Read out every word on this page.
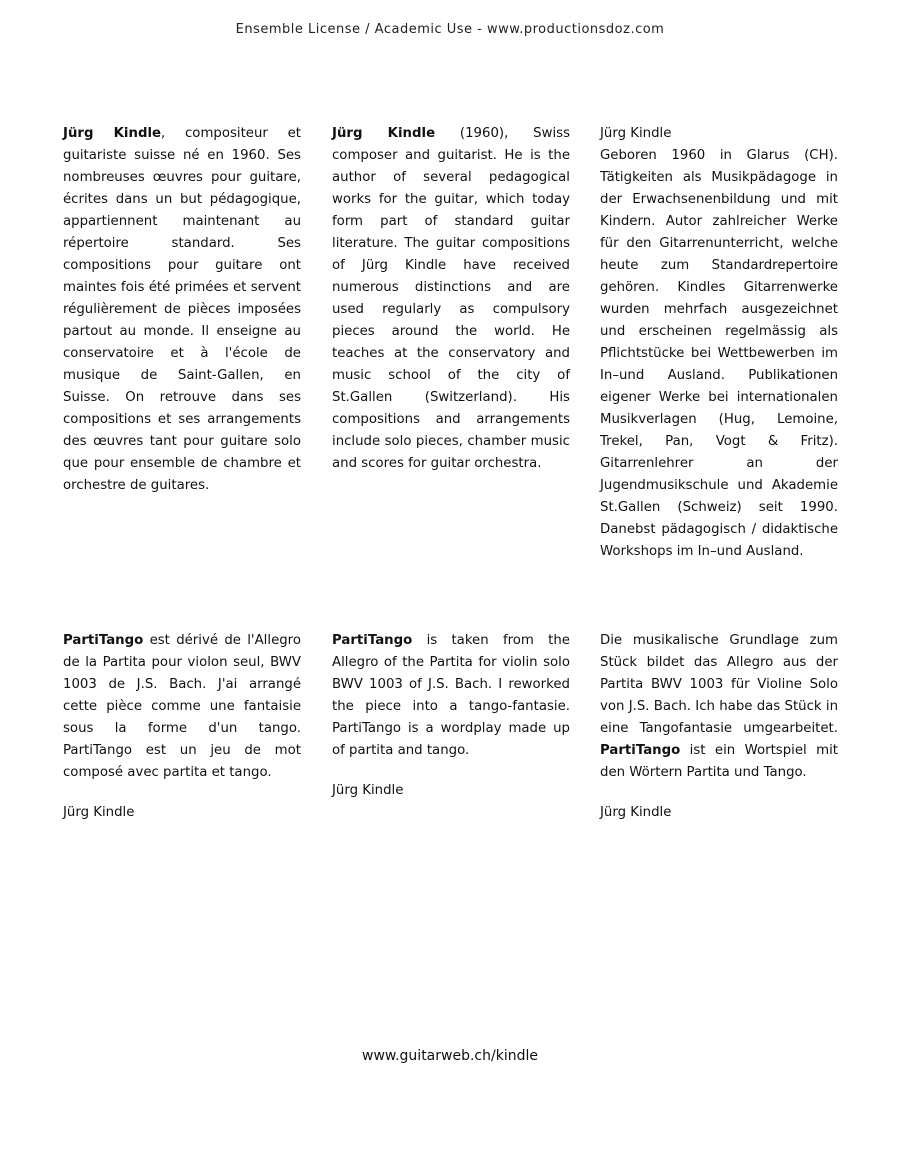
Ensemble License / Academic Use - www.productionsdoz.com

Jürg Kindle, compositeur et guitariste suisse né en 1960. Ses nombreuses œuvres pour guitare, écrites dans un but pédagogique, appartiennent maintenant au répertoire standard. Ses compositions pour guitare ont maintes fois été primées et servent régulièrement de pièces imposées partout au monde. Il enseigne au conservatoire et à l'école de musique de Saint-Gallen, en Suisse. On retrouve dans ses compositions et ses arrangements des œuvres tant pour guitare solo que pour ensemble de chambre et orchestre de guitares.

Jürg Kindle (1960), Swiss composer and guitarist. He is the author of several pedagogical works for the guitar, which today form part of standard guitar literature. The guitar compositions of Jürg Kindle have received numerous distinctions and are used regularly as compulsory pieces around the world. He teaches at the conservatory and music school of the city of St.Gallen (Switzerland). His compositions and arrangements include solo pieces, chamber music and scores for guitar orchestra.

Jürg Kindle

Geboren 1960 in Glarus (CH). Tätigkeiten als Musikpädagoge in der Erwachsenenbildung und mit Kindern. Autor zahlreicher Werke für den Gitarrenunterricht, welche heute zum Standardrepertoire gehören. Kindles Gitarrenwerke wurden mehrfach ausgezeichnet und erscheinen regelmässig als Pflichtstücke bei Wettbewerben im In–und Ausland. Publikationen eigener Werke bei internationalen Musikverlagen (Hug, Lemoine, Trekel, Pan, Vogt & Fritz). Gitarrenlehrer an der Jugendmusikschule und Akademie St.Gallen (Schweiz) seit 1990. Danebst pädagogisch / didaktische Workshops im In–und Ausland.

PartiTango est dérivé de l'Allegro de la Partita pour violon seul, BWV 1003 de J.S. Bach. J'ai arrangé cette pièce comme une fantaisie sous la forme d'un tango. PartiTango est un jeu de mot composé avec partita et tango.

Jürg Kindle

PartiTango is taken from the Allegro of the Partita for violin solo BWV 1003 of J.S. Bach. I reworked the piece into a tango-fantasie. PartiTango is a wordplay made up of partita and tango.

Jürg Kindle

Die musikalische Grundlage zum Stück bildet das Allegro aus der Partita BWV 1003 für Violine Solo von J.S. Bach. Ich habe das Stück in eine Tangofantasie umgearbeitet. PartiTango ist ein Wortspiel mit den Wörtern Partita und Tango.

Jürg Kindle

www.guitarweb.ch/kindle
